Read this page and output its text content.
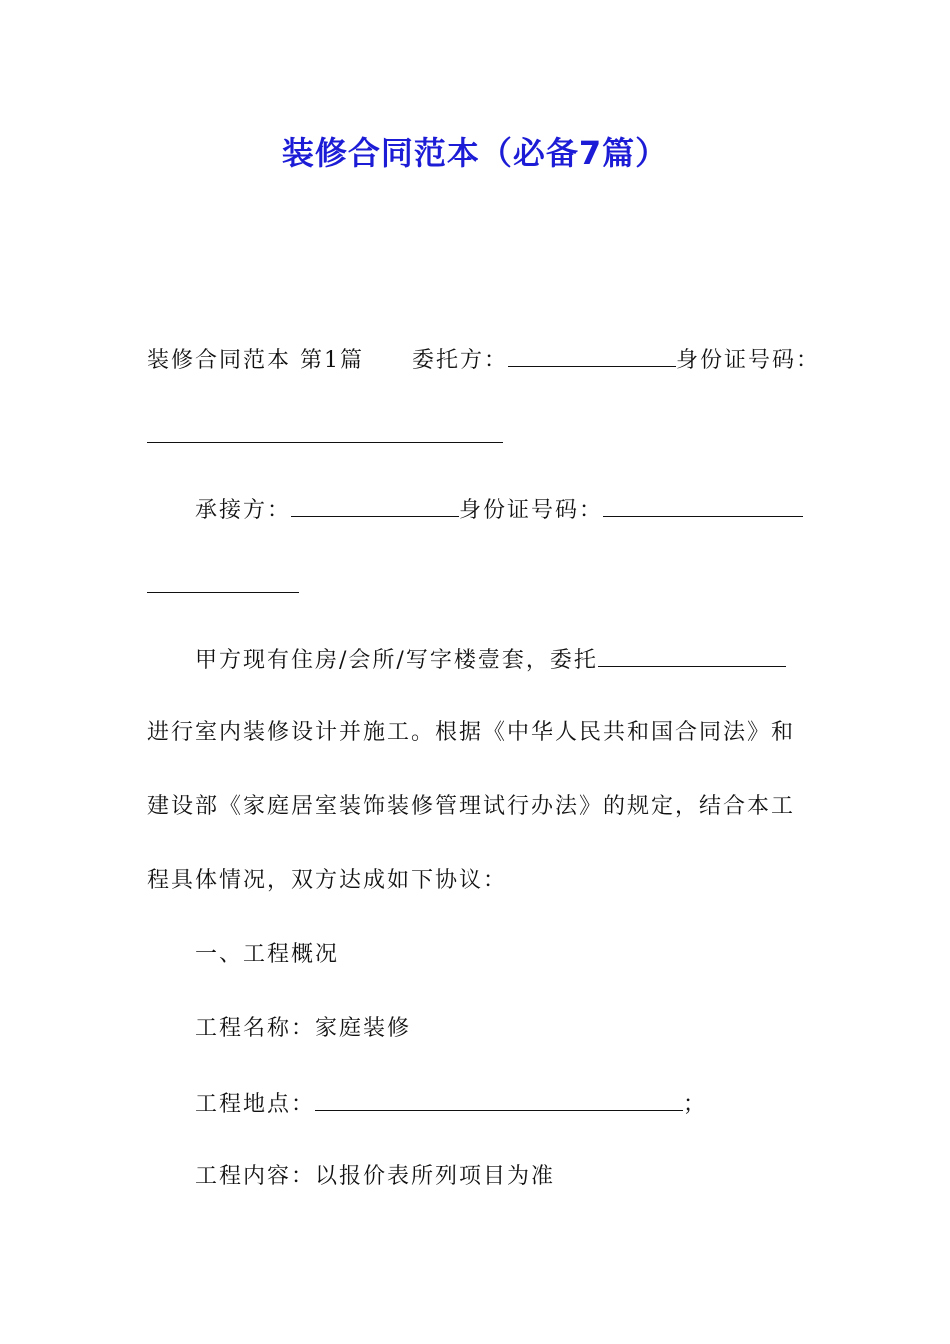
装修合同范本（必备7篇）
装修合同范本 第1篇 委托方：	身份证号码：
承接方：	身份证号码：
甲方现有住房/会所/写字楼壹套，委托
进行室内装修设计并施工。根据《中华人民共和国合同法》和
建设部《家庭居室装饰装修管理试行办法》的规定，结合本工
程具体情况，双方达成如下协议：
一、工程概况
工程名称：家庭装修
工程地点：	；
工程内容：以报价表所列项目为准
